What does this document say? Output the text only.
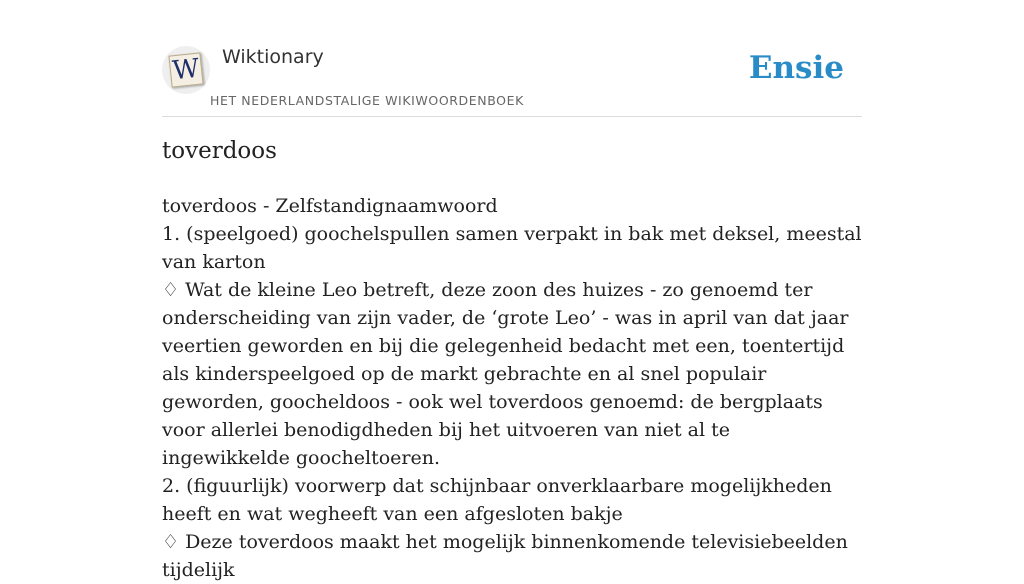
W Wiktionary
HET NEDERLANDSTALIGE WIKIWOORDENBOEK
Ensie
toverdoos

toverdoos - Zelfstandignaamwoord

1. (speelgoed) goochelspullen samen verpakt in bak met deksel, meestal van karton

♢ Wat de kleine Leo betreft, deze zoon des huizes - zo genoemd ter onderscheiding van zijn vader, de ‘grote Leo’ - was in april van dat jaar veertien geworden en bij die gelegenheid bedacht met een, toentertijd als kinderspeelgoed op de markt gebrachte en al snel populair geworden, goocheldoos - ook wel toverdoos genoemd: de bergplaats voor allerlei benodigdheden bij het uitvoeren van niet al te ingewikkelde goocheltoeren.

2. (figuurlijk) voorwerp dat schijnbaar onverklaarbare mogelijkheden heeft en wat wegheeft van een afgesloten bakje

♢ Deze toverdoos maakt het mogelijk binnenkomende televisiebeelden tijdelijk
